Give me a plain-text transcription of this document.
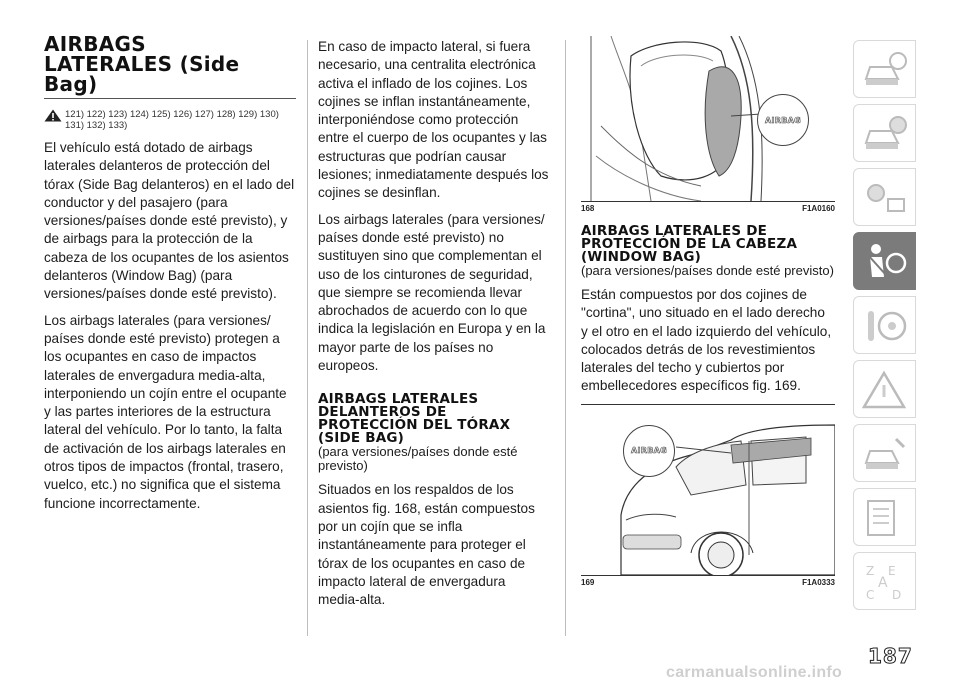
AIRBAGS LATERALES (Side Bag)
121) 122) 123) 124) 125) 126) 127) 128) 129) 130) 131) 132) 133)

El vehículo está dotado de airbags laterales delanteros de protección del tórax (Side Bag delanteros) en el lado del conductor y del pasajero (para versiones/países donde esté previsto), y de airbags para la protección de la cabeza de los ocupantes de los asientos delanteros (Window Bag) (para versiones/países donde esté previsto).

Los airbags laterales (para versiones/ países donde esté previsto) protegen a los ocupantes en caso de impactos laterales de envergadura media-alta, interponiendo un cojín entre el ocupante y las partes interiores de la estructura lateral del vehículo. Por lo tanto, la falta de activación de los airbags laterales en otros tipos de impactos (frontal, trasero, vuelco, etc.) no significa que el sistema funcione incorrectamente.

En caso de impacto lateral, si fuera necesario, una centralita electrónica activa el inflado de los cojines. Los cojines se inflan instantáneamente, interponiéndose como protección entre el cuerpo de los ocupantes y las estructuras que podrían causar lesiones; inmediatamente después los cojines se desinflan.

Los airbags laterales (para versiones/ países donde esté previsto) no sustituyen sino que complementan el uso de los cinturones de seguridad, que siempre se recomienda llevar abrochados de acuerdo con lo que indica la legislación en Europa y en la mayor parte de los países no europeos.

AIRBAGS LATERALES DELANTEROS DE PROTECCIÓN DEL TÓRAX (SIDE BAG)

(para versiones/países donde esté previsto)

Situados en los respaldos de los asientos fig. 168, están compuestos por un cojín que se infla instantáneamente para proteger el tórax de los ocupantes en caso de impacto lateral de envergadura media-alta.

AIRBAG
168	F1A0160
AIRBAGS LATERALES DE PROTECCIÓN DE LA CABEZA (WINDOW BAG)

(para versiones/países donde esté previsto)

Están compuestos por dos cojines de "cortina", uno situado en el lado derecho y el otro en el lado izquierdo del vehículo, colocados detrás de los revestimientos laterales del techo y cubiertos por embellecedores específicos fig. 169.

AIRBAG
169	F1A0333
Z E
A
C D
187
carmanualsonline.info
